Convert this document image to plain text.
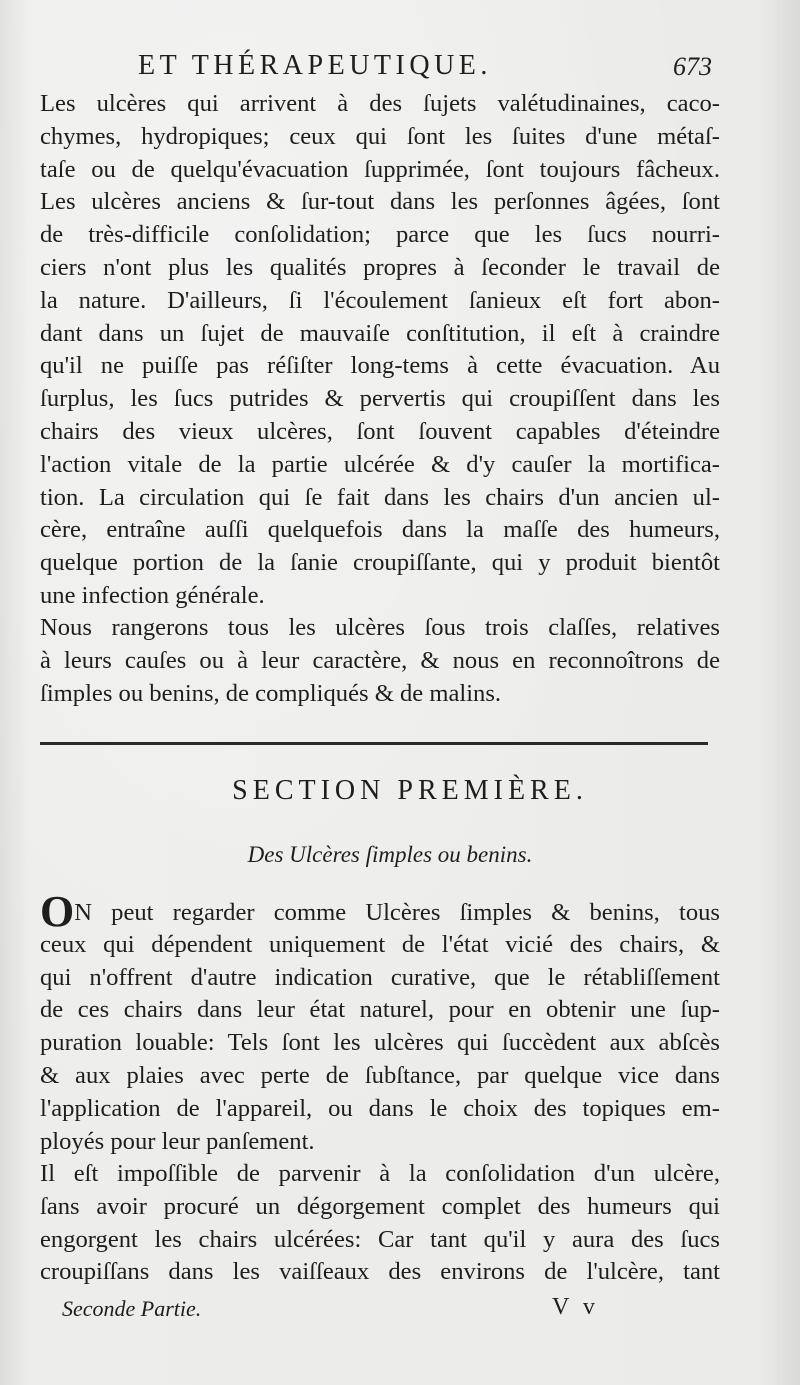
ET THÉRAPEUTIQUE.	673
Les ulcères qui arrivent à des ſujets valétudinaines, caco-
chymes, hydropiques; ceux qui ſont les ſuites d'une métaſ-
taſe ou de quelqu'évacuation ſupprimée, ſont toujours fâcheux.
Les ulcères anciens & ſur-tout dans les perſonnes âgées, ſont
de très-difficile conſolidation; parce que les ſucs nourri-
ciers n'ont plus les qualités propres à ſeconder le travail de
la nature. D'ailleurs, ſi l'écoulement ſanieux eſt fort abon-
dant dans un ſujet de mauvaiſe conſtitution, il eſt à craindre
qu'il ne puiſſe pas réſiſter long-tems à cette évacuation. Au
ſurplus, les ſucs putrides & pervertis qui croupiſſent dans les
chairs des vieux ulcères, ſont ſouvent capables d'éteindre
l'action vitale de la partie ulcérée & d'y cauſer la mortifica-
tion. La circulation qui ſe fait dans les chairs d'un ancien ul-
cère, entraîne auſſi quelquefois dans la maſſe des humeurs,
quelque portion de la ſanie croupiſſante, qui y produit bientôt
une infection générale.
Nous rangerons tous les ulcères ſous trois claſſes, relatives
à leurs cauſes ou à leur caractère, & nous en reconnoîtrons de
ſimples ou benins, de compliqués & de malins.
SECTION PREMIÈRE.
Des Ulcères ſimples ou benins.
ON peut regarder comme Ulcères ſimples & benins, tous
ceux qui dépendent uniquement de l'état vicié des chairs, &
qui n'offrent d'autre indication curative, que le rétabliſſement
de ces chairs dans leur état naturel, pour en obtenir une ſup-
puration louable: Tels ſont les ulcères qui ſuccèdent aux abſcès
& aux plaies avec perte de ſubſtance, par quelque vice dans
l'application de l'appareil, ou dans le choix des topiques em-
ployés pour leur panſement.
Il eſt impoſſible de parvenir à la conſolidation d'un ulcère,
ſans avoir procuré un dégorgement complet des humeurs qui
engorgent les chairs ulcérées: Car tant qu'il y aura des ſucs
croupiſſans dans les vaiſſeaux des environs de l'ulcère, tant
Seconde Partie.	V v
